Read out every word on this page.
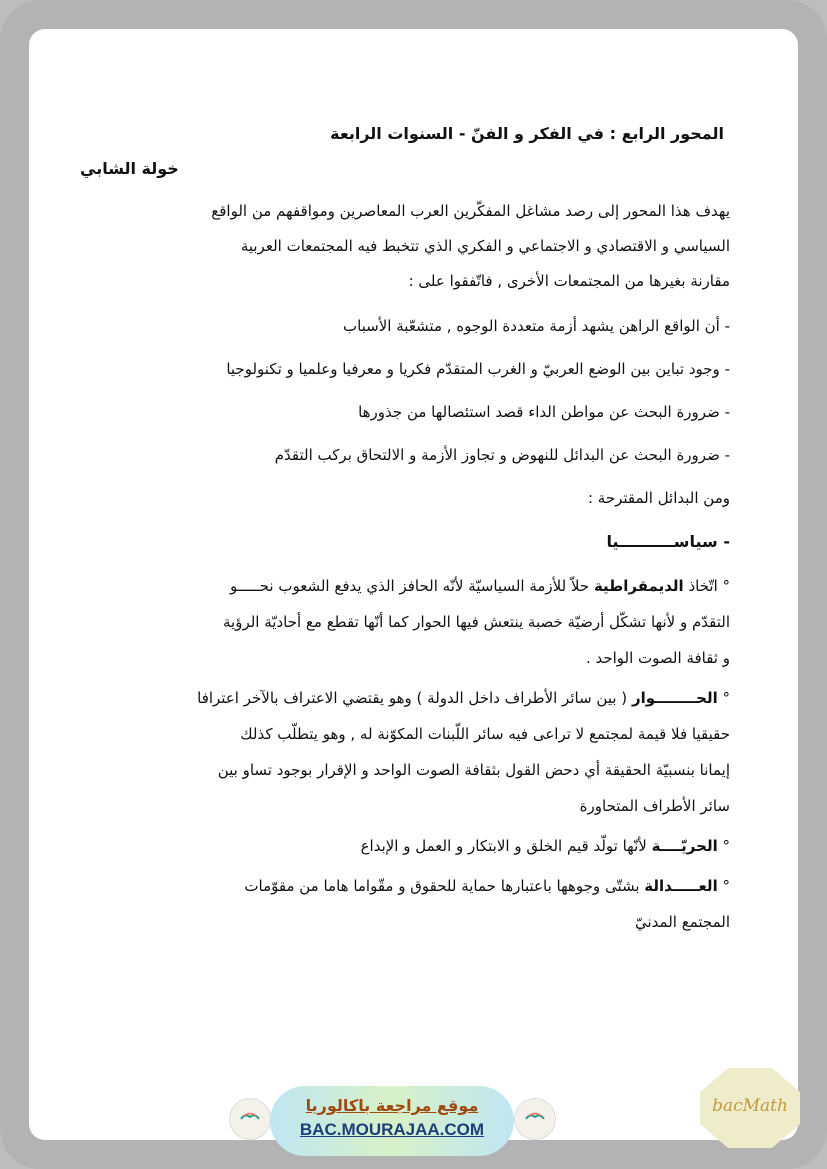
المحور الرابع : في الفكر و الفنّ - السنوات الرابعة
خولة الشابي

يهدف هذا المحور إلى رصد مشاغل المفكّرين العرب المعاصرين ومواقفهم من الواقع

السياسي و الاقتصادي و الاجتماعي و الفكري الذي تتخبط فيه المجتمعات العربية

مقارنة بغيرها من المجتمعات الأخرى , فاتّفقوا على :

- أن الواقع الراهن يشهد أزمة متعددة الوجوه , متشعّبة الأسباب

- وجود تباين بين الوضع العربيّ و الغرب المتقدّم فكريا و معرفيا وعلميا و تكنولوجيا

- ضرورة البحث عن مواطن الداء قصد استئصالها من جذورها

- ضرورة البحث عن البدائل للنهوض و تجاوز الأزمة و الالتحاق بركب التقدّم

ومن البدائل المقترحة :

- سياســــــــــيا
° اتّخاذ الديمقراطية حلاّ للأزمة السياسيّة لأنّه الحافز الذي يدفع الشعوب نحـــــو
التقدّم و لأنها تشكّل أرضيّة خصبة ينتعش فيها الحوار كما أنّها تقطع مع أحاديّة الرؤية
و ثقافة الصوت الواحد .
° الحــــــــوار ( بين سائر الأطراف داخل الدولة ) وهو يقتضي الاعتراف بالآخر اعترافا
حقيقيا فلا قيمة لمجتمع لا تراعى فيه سائر اللّبنات المكوّنة له , وهو يتطلّب كذلك
إيمانا بنسبيّة الحقيقة أي دحض القول بثقافة الصوت الواحد و الإقرار بوجود تساو بين
سائر الأطراف المتحاورة
° الحريّــــة لأنّها تولّد قيم الخلق و الابتكار و العمل و الإبداع
° العـــــدالة بشتّى وجوهها باعتبارها حماية للحقوق و مقّواما هاما من مقوّمات
المجتمع المدنيّ
موقع مراجعة باكالوريا
BAC.MOURAJAA.COM
bacMath
